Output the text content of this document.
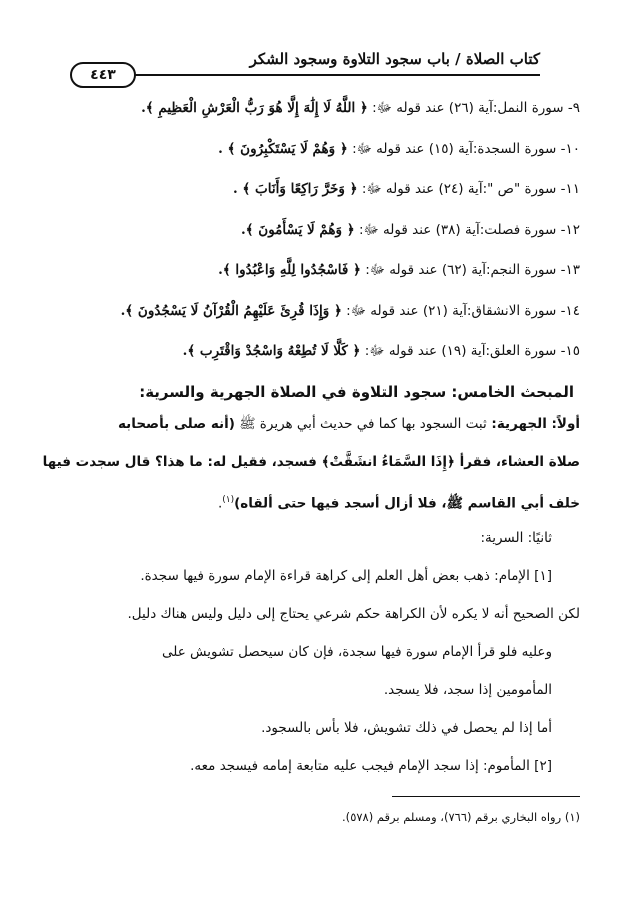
كتاب الصلاة / باب سجود التلاوة وسجود الشكر
٤٤٣
٩- سورة النمل:آية (٢٦) عند قوله ﷻ: ﴿ اللَّهُ لَا إِلَٰهَ إِلَّا هُوَ رَبُّ الْعَرْشِ الْعَظِيمِ ﴾.
١٠- سورة السجدة:آية (١٥) عند قوله ﷻ: ﴿ وَهُمْ لَا يَسْتَكْبِرُونَ ﴾ .
١١- سورة "ص ":آية (٢٤) عند قوله ﷻ: ﴿ وَخَرَّ رَاكِعًا وَأَنَابَ ﴾ .
١٢- سورة فصلت:آية (٣٨) عند قوله ﷻ: ﴿ وَهُمْ لَا يَسْأَمُونَ ﴾.
١٣- سورة النجم:آية (٦٢) عند قوله ﷻ: ﴿ فَاسْجُدُوا لِلَّهِ وَاعْبُدُوا ﴾.
١٤- سورة الانشقاق:آية (٢١) عند قوله ﷻ: ﴿ وَإِذَا قُرِئَ عَلَيْهِمُ الْقُرْآنُ لَا يَسْجُدُونَ ﴾.
١٥- سورة العلق:آية (١٩) عند قوله ﷻ: ﴿ كَلَّا لَا تُطِعْهُ وَاسْجُدْ وَاقْتَرِب ﴾.
المبحث الخامس: سجود التلاوة في الصلاة الجهرية والسرية:
أولاً: الجهرية: ثبت السجود بها كما في حديث أبي هريرة ﷺ (أنه صلى بأصحابه
صلاة العشاء، فقرأ ﴿إِذَا السَّمَاءُ انشَقَّتْ﴾ فسجد، فقيل له: ما هذا؟ قال سجدت فيها
خلف أبي القاسم ﷺ، فلا أزال أسجد فيها حتى ألقاه)$^{(١)}$.
ثانيًا: السرية:
[١] الإمام: ذهب بعض أهل العلم إلى كراهة قراءة الإمام سورة فيها سجدة.
لكن الصحيح أنه لا يكره لأن الكراهة حكم شرعي يحتاج إلى دليل وليس هناك دليل.
وعليه فلو قرأ الإمام سورة فيها سجدة، فإن كان سيحصل تشويش على
المأمومين إذا سجد، فلا يسجد.
أما إذا لم يحصل في ذلك تشويش، فلا بأس بالسجود.
[٢] المأموم: إذا سجد الإمام فيجب عليه متابعة إمامه فيسجد معه.
(١) رواه البخاري برقم (٧٦٦)، ومسلم برقم (٥٧٨).
